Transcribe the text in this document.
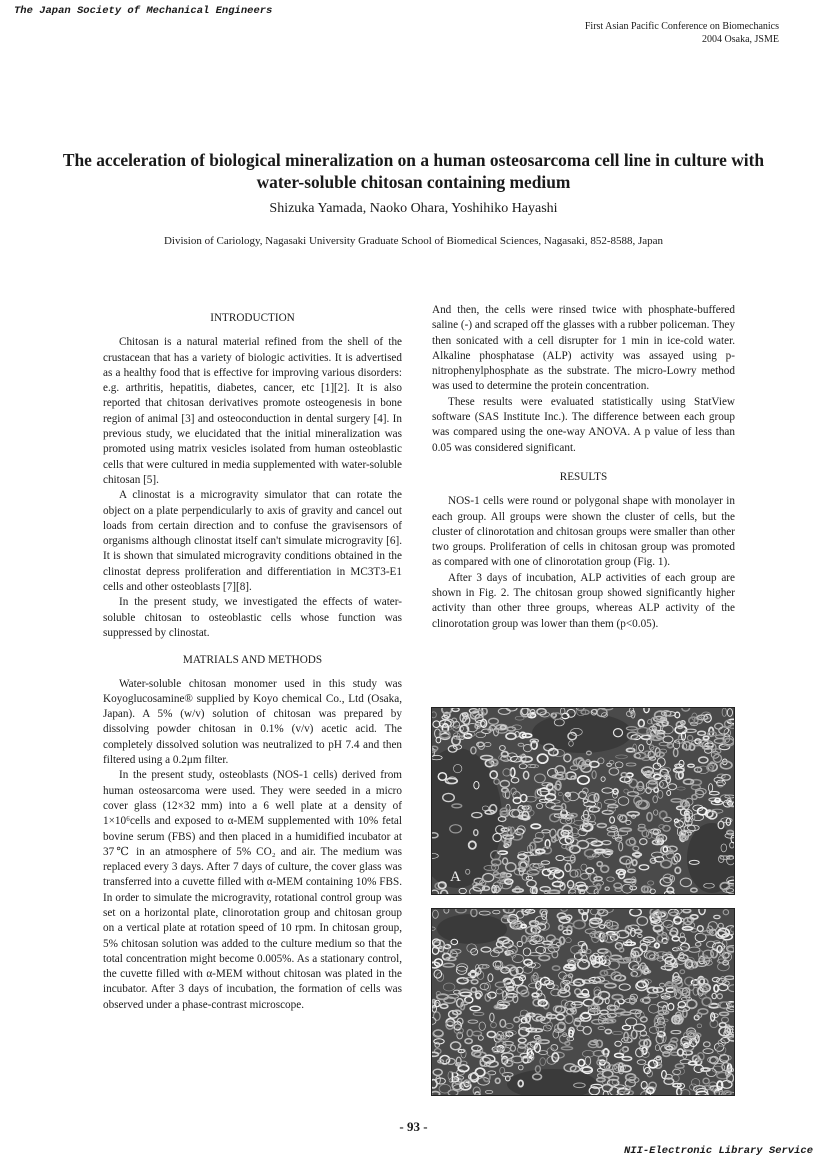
The Japan Society of Mechanical Engineers
First Asian Pacific Conference on Biomechanics
2004 Osaka, JSME
The acceleration of biological mineralization on a human osteosarcoma cell line in culture with water-soluble chitosan containing medium
Shizuka Yamada, Naoko Ohara, Yoshihiko Hayashi
Division of Cariology, Nagasaki University Graduate School of Biomedical Sciences, Nagasaki, 852-8588, Japan
INTRODUCTION

Chitosan is a natural material refined from the shell of the crustacean that has a variety of biologic activities. It is advertised as a healthy food that is effective for improving various disorders: e.g. arthritis, hepatitis, diabetes, cancer, etc [1][2]. It is also reported that chitosan derivatives promote osteogenesis in bone region of animal [3] and osteoconduction in dental surgery [4]. In previous study, we elucidated that the initial mineralization was promoted using matrix vesicles isolated from human osteoblastic cells that were cultured in media supplemented with water-soluble chitosan [5].

A clinostat is a microgravity simulator that can rotate the object on a plate perpendicularly to axis of gravity and cancel out loads from certain direction and to confuse the gravisensors of organisms although clinostat itself can't simulate microgravity [6]. It is shown that simulated microgravity conditions obtained in the clinostat depress proliferation and differentiation in MC3T3-E1 cells and other osteoblasts [7][8].

In the present study, we investigated the effects of water-soluble chitosan to osteoblastic cells whose function was suppressed by clinostat.

MATRIALS AND METHODS

Water-soluble chitosan monomer used in this study was Koyoglucosamine® supplied by Koyo chemical Co., Ltd (Osaka, Japan). A 5% (w/v) solution of chitosan was prepared by dissolving powder chitosan in 0.1% (v/v) acetic acid. The completely dissolved solution was neutralized to pH 7.4 and then filtered using a 0.2μm filter.

In the present study, osteoblasts (NOS-1 cells) derived from human osteosarcoma were used. They were seeded in a micro cover glass (12×32 mm) into a 6 well plate at a density of 1×10⁶cells and exposed to α-MEM supplemented with 10% fetal bovine serum (FBS) and then placed in a humidified incubator at 37℃ in an atmosphere of 5% CO₂ and air. The medium was replaced every 3 days. After 7 days of culture, the cover glass was transferred into a cuvette filled with α-MEM containing 10% FBS. In order to simulate the microgravity, rotational control group was set on a horizontal plate, clinorotation group and chitosan group on a vertical plate at rotation speed of 10 rpm. In chitosan group, 5% chitosan solution was added to the culture medium so that the total concentration might become 0.005%. As a stationary control, the cuvette filled with α-MEM without chitosan was plated in the incubator. After 3 days of incubation, the formation of cells was observed under a phase-contrast microscope.

And then, the cells were rinsed twice with phosphate-buffered saline (-) and scraped off the glasses with a rubber policeman. They then sonicated with a cell disrupter for 1 min in ice-cold water. Alkaline phosphatase (ALP) activity was assayed using p-nitrophenylphosphate as the substrate. The micro-Lowry method was used to determine the protein concentration.

These results were evaluated statistically using StatView software (SAS Institute Inc.). The difference between each group was compared using the one-way ANOVA. A p value of less than 0.05 was considered significant.

RESULTS

NOS-1 cells were round or polygonal shape with monolayer in each group. All groups were shown the cluster of cells, but the cluster of clinorotation and chitosan groups were smaller than other two groups. Proliferation of cells in chitosan group was promoted as compared with one of clinorotation group (Fig. 1).

After 3 days of incubation, ALP activities of each group are shown in Fig. 2. The chitosan group showed significantly higher activity than other three groups, whereas ALP activity of the clinorotation group was lower than them (p<0.05).

A
B
- 93 -
NII-Electronic Library Service
